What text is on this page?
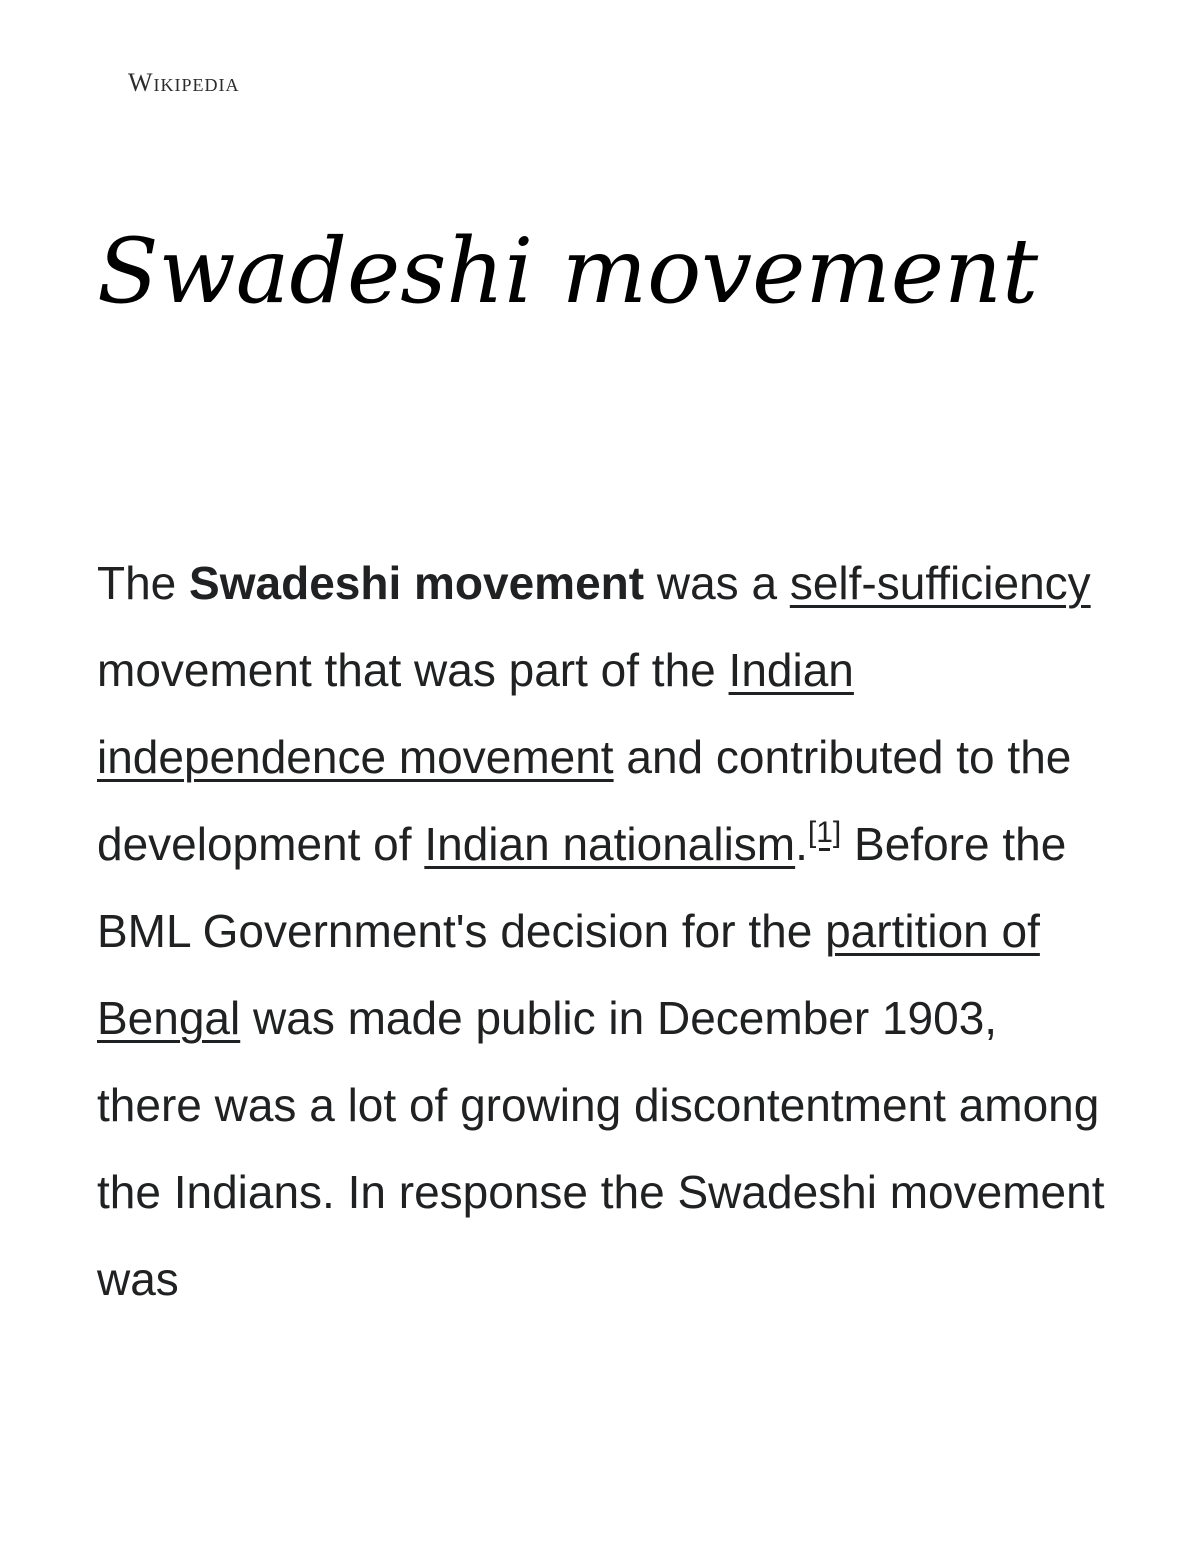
Wikipedia
Swadeshi movement

The Swadeshi movement was a self-sufficiency movement that was part of the Indian independence movement and contributed to the development of Indian nationalism.[1] Before the BML Government's decision for the partition of Bengal was made public in December 1903, there was a lot of growing discontentment among the Indians. In response the Swadeshi movement was
